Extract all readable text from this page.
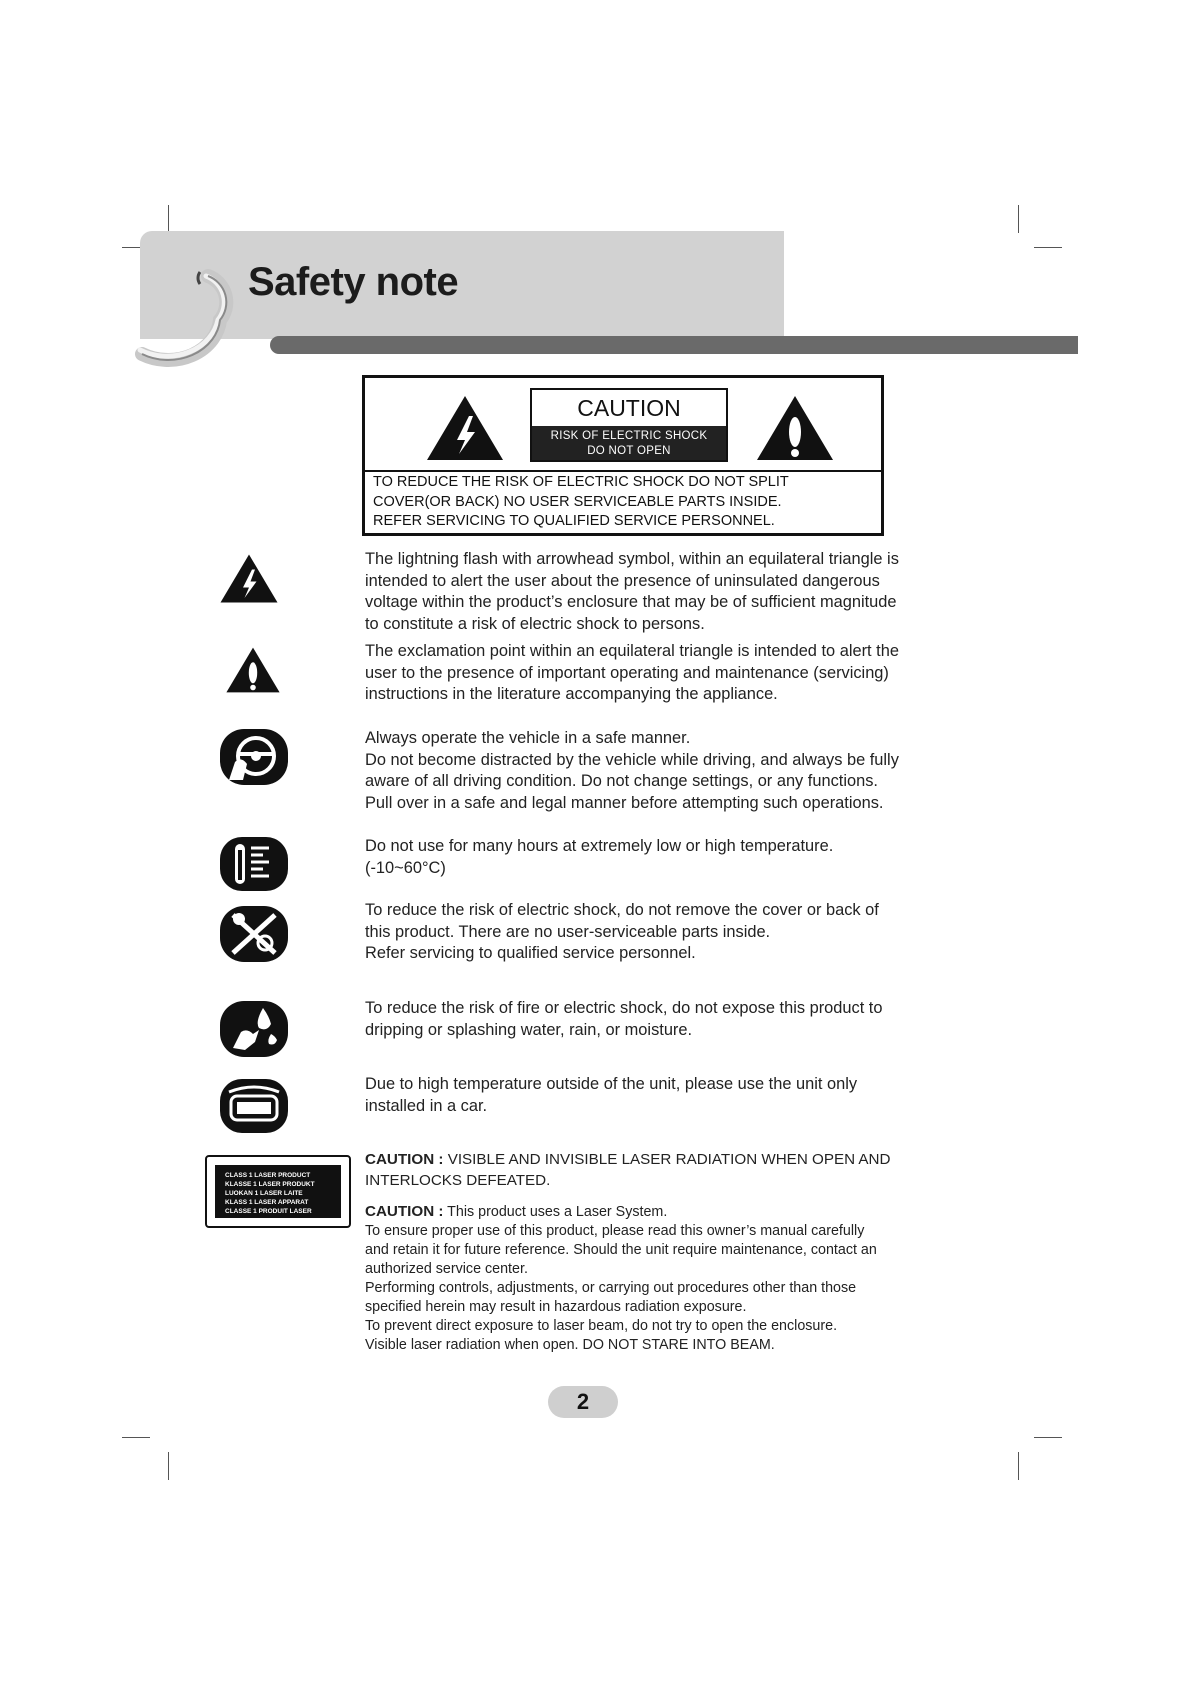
Safety note
CAUTION
RISK OF ELECTRIC SHOCK
DO NOT OPEN
TO REDUCE THE RISK OF ELECTRIC SHOCK DO NOT SPLIT
COVER(OR BACK) NO USER SERVICEABLE PARTS INSIDE.
REFER SERVICING TO QUALIFIED SERVICE PERSONNEL.
The lightning flash with arrowhead symbol, within an equilateral triangle is
intended to alert the user about the presence of uninsulated dangerous
voltage within the product’s enclosure that may be of sufficient magnitude
to constitute a risk of electric shock to persons.
The exclamation point within an equilateral triangle is intended to alert the
user to the presence of important operating and maintenance (servicing)
instructions in the literature accompanying the appliance.
Always operate the vehicle in a safe manner.
Do not become distracted by the vehicle while driving, and always be fully
aware of all driving condition. Do not change settings, or any functions.
Pull over in a safe and legal manner before attempting such operations.
Do not use for many hours at extremely low or high temperature.
(-10~60°C)
To reduce the risk of electric shock, do not remove the cover or back of
this product. There are no user-serviceable parts inside.
Refer servicing to qualified service personnel.
To reduce the risk of fire or electric shock, do not expose this product to
dripping or splashing water, rain, or moisture.
Due to high temperature outside of the unit, please use the unit only
installed in a car.
CLASS 1 LASER PRODUCT
KLASSE 1 LASER PRODUKT
LUOKAN 1 LASER LAITE
KLASS 1 LASER APPARAT
CLASSE 1 PRODUIT LASER
CAUTION : VISIBLE AND INVISIBLE LASER RADIATION WHEN OPEN AND
INTERLOCKS DEFEATED.
CAUTION : This product uses a Laser System.
To ensure proper use of this product, please read this owner’s manual carefully
and retain it for future reference. Should the unit require maintenance, contact an
authorized service center.
Performing controls, adjustments, or carrying out procedures other than those
specified herein may result in hazardous radiation exposure.
To prevent direct exposure to laser beam, do not try to open the enclosure.
Visible laser radiation when open. DO NOT STARE INTO BEAM.
2
